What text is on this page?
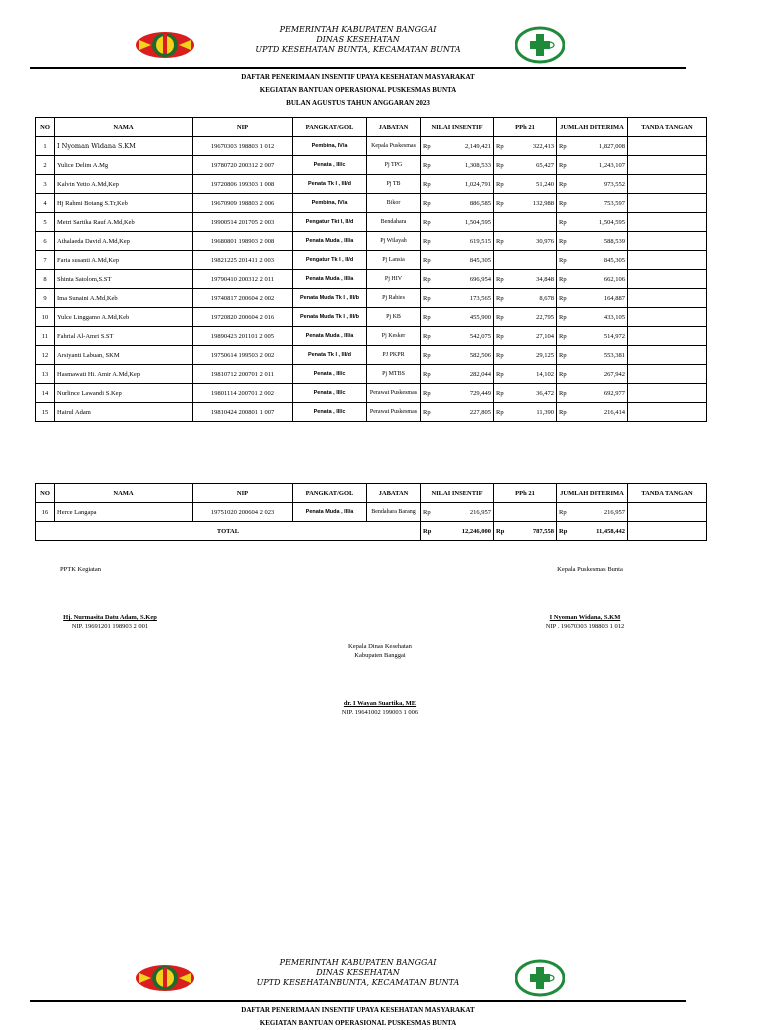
PEMERINTAH KABUPATEN BANGGAI
DINAS KESEHATAN
UPTD KESEHATAN BUNTA, KECAMATAN BUNTA
DAFTAR PENERIMAAN INSENTIF UPAYA KESEHATAN MASYARAKAT
KEGIATAN BANTUAN OPERASIONAL PUSKESMAS BUNTA
BULAN AGUSTUS TAHUN ANGGARAN 2023
NO	NAMA	NIP	PANGKAT/GOL	JABATAN	NILAI INSENTIF		PPh 21		JUMLAH DITERIMA		TANDA TANGAN
1	I Nyoman Widana S.KM	19670303 198803 1 012	Pembina, IV/a	Kepala Puskesmas	Rp	2,149,421	Rp	322,413	Rp	1,827,008	
2	Yulice Delim A.Mg	19780720 200312 2 007	Penata , III/c	Pj TPG	Rp	1,308,533	Rp	65,427	Rp	1,243,107	
3	Kalvin Yetto A.Md,Kep	19720806 199303 1 008	Penata Tk I , III/d	Pj TB	Rp	1,024,791	Rp	51,240	Rp	973,552	
4	Hj Rahmi Botang S.Tr,Keb	19670909 198803 2 006	Pembina, IV/a	Bikor	Rp	886,585	Rp	132,988	Rp	753,597	
5	Metri Sartika Rauf A.Md,Keb	19900514 201705 2 003	Pengatur Tkt I, II/d	Bendahara	Rp	1,504,595			Rp	1,504,595	
6	Athalaeda David A.Md,Kep	19680801 198903 2 008	Penata Muda , III/a	Pj Wilayah	Rp	619,515	Rp	30,976	Rp	588,539	
7	Faria susanti A.Md,Kep	19821225 201411 2 003	Pengatur Tk I , II/d	Pj Lansia	Rp	845,305			Rp	845,305	
8	Shinta Satolom,S.ST	19790410 200312 2 011	Penata Muda , III/a	Pj HIV	Rp	696,954	Rp	34,848	Rp	662,106	
9	Ima Sunaini A.Md,Keb	19740817 200604 2 002	Penata Muda Tk I , III/b	Pj Rabies	Rp	173,565	Rp	8,678	Rp	164,887	
10	Yulce Linggamo A.Md,Keb	19720820 200604 2 016	Penata Muda Tk I , III/b	Pj KB	Rp	455,900	Rp	22,795	Rp	433,105	
11	Fahrial Al-Amri S.ST	19890423 201101 2 005	Penata Muda , III/a	Pj Kesker	Rp	542,075	Rp	27,104	Rp	514,972	
12	Arsiyanti Labuan, SKM	19750614 199503 2 002	Penata Tk I , III/d	PJ PKPR	Rp	582,506	Rp	29,125	Rp	553,381	
13	Hasmawati Hi. Amir A.Md,Kep	19810712 200701 2 011	Penata , III/c	Pj MTBS	Rp	282,044	Rp	14,102	Rp	267,942	
14	Nurlince Lawandi S.Kep	19801114 200701 2 002	Penata , III/c	Perawat Puskesmas	Rp	729,449	Rp	36,472	Rp	692,977	
15	Hairul Adam	19810424 200801 1 007	Penata , III/c	Perawat Puskesmas	Rp	227,805	Rp	11,390	Rp	216,414	
NO	NAMA	NIP	PANGKAT/GOL	JABATAN	NILAI INSENTIF		PPh 21		JUMLAH DITERIMA		TANDA TANGAN
16	Herce Langapa	19751020 200604 2 023	Penata Muda , III/a	Bendahara Barang	Rp	216,957			Rp	216,957	
TOTAL					Rp	12,246,000	Rp	787,558	Rp	11,458,442	
PPTK Kegiatan
Hj. Nurmasita Datu Adam, S.Kep
NIP. 19691201 198903 2 001
Kepala Puskesmas Bunta
I Nyoman Widana, S.KM
NIP . 19670303 198803 1 012
Kepala Dinas Kesehatan
Kabupaten Banggai
dr. I Wayan Suartika, ME
NIP. 19641002 199003 1 006
PEMERINTAH KABUPATEN BANGGAI
DINAS KESEHATAN
UPTD KESEHATANBUNTA, KECAMATAN BUNTA
DAFTAR PENERIMAAN INSENTIF UPAYA KESEHATAN MASYARAKAT
KEGIATAN BANTUAN OPERASIONAL PUSKESMAS BUNTA
